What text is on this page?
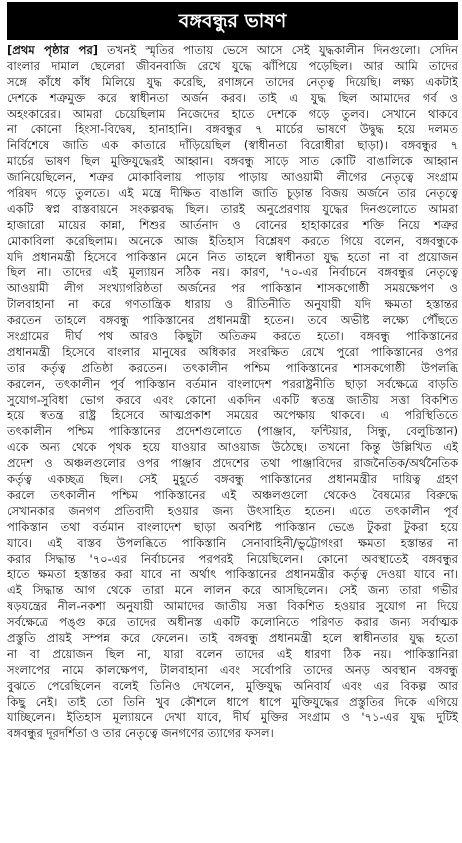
বঙ্গবন্ধুর ভাষণ
[প্রথম পৃষ্ঠার পর] তখনই স্মৃতির পাতায় ভেসে আসে সেই যুদ্ধকালীন দিনগুলো। সেদিন
বাংলার দামাল ছেলেরা জীবনবাজি রেখে যুদ্ধে ঝাঁপিয়ে পড়েছিল। আর আমি তাদের
সঙ্গে কাঁধে কাঁধ মিলিয়ে যুদ্ধ করেছি, রণাঙ্গনে তাদের নেতৃত্ব দিয়েছি। লক্ষ্য একটাই
দেশকে শত্রুমুক্ত করে স্বাধীনতা অর্জন করব। তাই এ যুদ্ধ ছিল আমাদের গর্ব ও
অহংকারের। আমরা চেয়েছিলাম নিজেদের হাতে দেশকে গড়ে তুলব। সেখানে থাকবে
না কোনো হিংসা-বিদ্বেষ, হানাহানি। বঙ্গবন্ধুর ৭ মার্চের ভাষণে উদ্বুদ্ধ হয়ে দলমত
নির্বিশেষে জাতি এক কাতারে দাঁড়িয়েছিল (স্বাধীনতা বিরোধীরা ছাড়া)। বঙ্গবন্ধুর ৭
মার্চের ভাষণ ছিল মুক্তিযুদ্ধেরই আহ্বান। বঙ্গবন্ধু সাড়ে সাত কোটি বাঙালিকে আহ্বান
জানিয়েছিলেন, শত্রুর মোকাবিলায় পাড়ায় পাড়ায় আওয়ামী লীগের নেতৃত্বে সংগ্রাম
পরিষদ গড়ে তুলতে। এই মন্ত্রে দীক্ষিত বাঙালি জাতি চূড়ান্ত বিজয় অর্জনে তার নেতৃত্বে
একটি স্বপ্ন বাস্তবায়নে সংকল্পবদ্ধ ছিল। তারই অনুপ্রেরণায় যুদ্ধের দিনগুলোতে আমরা
হাজারো মায়ের কান্না, শিশুর আর্তনাদ ও বোনের হাহাকারের শক্তি নিয়ে শত্রুর
মোকাবিলা করেছিলাম। অনেকে আজ ইতিহাস বিশ্লেষণ করতে গিয়ে বলেন, বঙ্গবন্ধুকে
যদি প্রধানমন্ত্রী হিসেবে পাকিস্তান মেনে নিত তাহলে স্বাধীনতা যুদ্ধ হতো না বা প্রয়োজন
ছিল না। তাদের এই মূল্যায়ন সঠিক নয়। কারণ, '৭০-এর নির্বাচনে বঙ্গবন্ধুর নেতৃত্বে
আওয়ামী লীগ সংখ্যাগরিষ্ঠতা অর্জনের পর পাকিস্তান শাসকগোষ্ঠী সময়ক্ষেপণ ও
টালবাহানা না করে গণতান্ত্রিক ধারায় ও রীতিনীতি অনুযায়ী যদি ক্ষমতা হস্তান্তর
করতেন তাহলে বঙ্গবন্ধু পাকিস্তানের প্রধানমন্ত্রী হতেন। তবে অভীষ্ট লক্ষ্যে পৌঁছতে
সংগ্রামের দীর্ঘ পথ আরও কিছুটা অতিক্রম করতে হতো। বঙ্গবন্ধু পাকিস্তানের
প্রধানমন্ত্রী হিসেবে বাংলার মানুষের অধিকার সংরক্ষিত রেখে পুরো পাকিস্তানের ওপর
তার কর্তৃত্ব প্রতিষ্ঠা করতেন। তৎকালীন পশ্চিম পাকিস্তানের শাসকগোষ্ঠী উপলব্ধি
করলেন, তৎকালীন পূর্ব পাকিস্তান বর্তমান বাংলাদেশ পররাষ্ট্রনীতি ছাড়া সর্বক্ষেত্রে বাড়তি
সুযোগ-সুবিধা ভোগ করবে এবং কোনো একদিন একটি স্বতন্ত্র জাতীয় সত্তা বিকশিত
হয়ে স্বতন্ত্র রাষ্ট্র হিসেবে আত্মপ্রকাশ সময়ের অপেক্ষায় থাকবে। এ পরিস্থিতিতে
তৎকালীন পশ্চিম পাকিস্তানের প্রদেশগুলোতে (পাঞ্জাব, ফন্টিয়ার, সিন্ধু, বেলুচিস্তান)
একে অন্য থেকে পৃথক হয়ে যাওয়ার আওয়াজ উঠেছে। তখনো কিন্তু উল্লিখিত এই
প্রদেশ ও অঞ্চলগুলোর ওপর পাঞ্জাব প্রদেশের তথা পাঞ্জাবিদের রাজনৈতিক/অর্থনৈতিক
কর্তৃত্ব একচ্ছত্র ছিল। সেই মুহূর্তে বঙ্গবন্ধু পাকিস্তানের প্রধানমন্ত্রীর দায়িত্ব গ্রহণ
করলে তৎকালীন পশ্চিম পাকিস্তানের এই অঞ্চলগুলো থেকেও বৈষম্যের বিরুদ্ধে
সেখানকার জনগণ প্রতিবাদী হওয়ার জন্য উৎসাহিত হতেন। এতে তৎকালীন পূর্ব
পাকিস্তান তথা বর্তমান বাংলাদেশ ছাড়া অবশিষ্ট পাকিস্তান ভেঙে টুকরা টুকরা হয়ে
যাবে। এই বাস্তব উপলব্ধিতে পাকিস্তানি সেনাবাহিনী/ভুট্টোগংরা ক্ষমতা হস্তান্তর না
করার সিদ্ধান্ত '৭০-এর নির্বাচনের পরপরই নিয়েছিলেন। কোনো অবস্থাতেই বঙ্গবন্ধুর
হাতে ক্ষমতা হস্তান্তর করা যাবে না অর্থাৎ পাকিস্তানের প্রধানমন্ত্রীর কর্তৃত্ব দেওয়া যাবে না।
এই সিদ্ধান্ত আগ থেকে তারা মনে লালন করে আসছিলেন। সেই জন্য তারা গভীর
ষড়যন্ত্রের নীল-নকশা অনুযায়ী আমাদের জাতীয় সত্তা বিকশিত হওয়ার সুযোগ না দিয়ে
সর্বক্ষেত্রে পঙ্গু করে তাদের অধীনস্ত একটি কলোনিতে পরিণত করার জন্য সর্বাত্মক
প্রস্তুতি প্রায়ই সম্পন্ন করে ফেলেন। তাই বঙ্গবন্ধু প্রধানমন্ত্রী হলে স্বাধীনতার যুদ্ধ হতো
না বা প্রয়োজন ছিল না, যারা বলেন তাদের এই ধারণা ঠিক নয়। পাকিস্তানিরা
সংলাপের নামে কালক্ষেপণ, টালবাহানা এবং সর্বোপরি তাদের অনড় অবস্থান বঙ্গবন্ধু
বুঝতে পেরেছিলেন বলেই তিনিও দেখলেন, মুক্তিযুদ্ধ অনিবার্য এবং এর বিকল্প আর
কিছু নেই। তাই তো তিনি খুব কৌশলে ধাপে ধাপে মুক্তিযুদ্ধের প্রস্তুতির দিকে এগিয়ে
যাচ্ছিলেন। ইতিহাস মূল্যায়নে দেখা যাবে, দীর্ঘ মুক্তির সংগ্রাম ও '৭১-এর যুদ্ধ দুটিই
বঙ্গবন্ধুর দূরদর্শিতা ও তার নেতৃত্বে জনগণের ত্যাগের ফসল।
